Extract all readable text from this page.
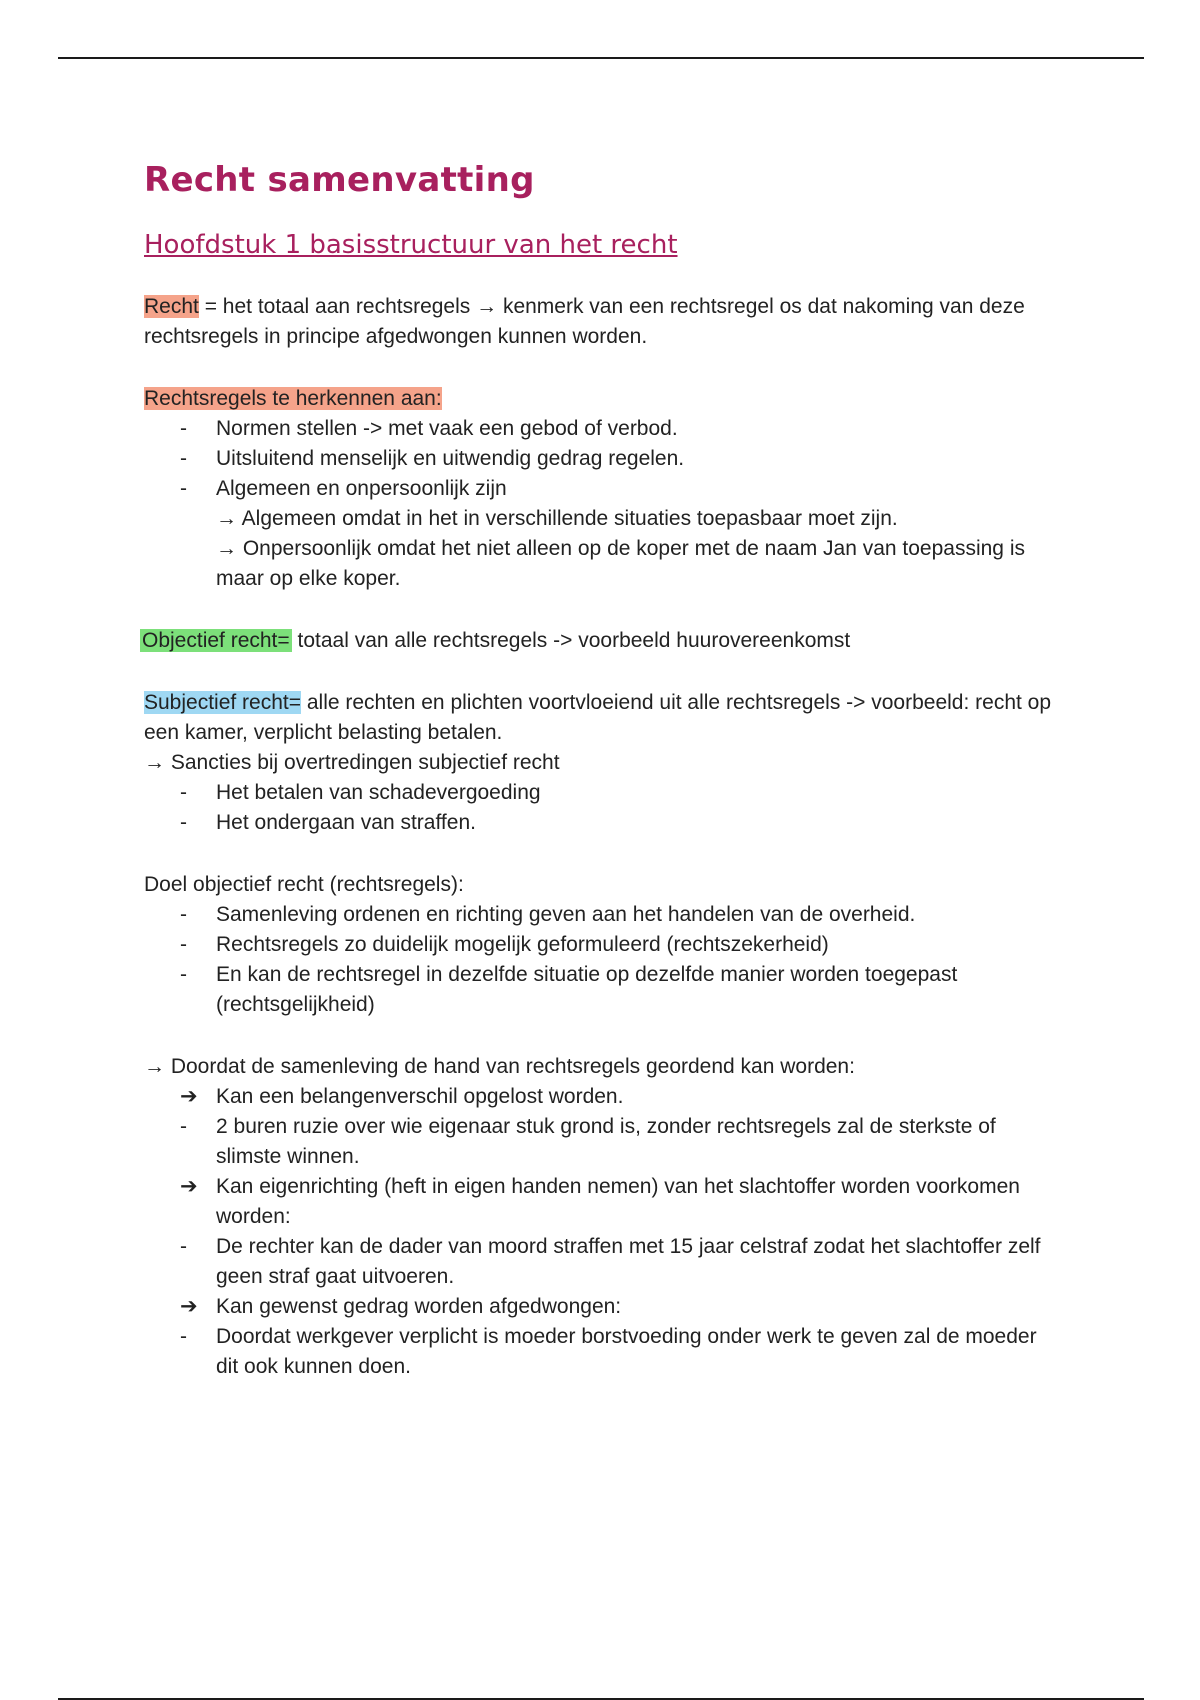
Recht samenvatting
Hoofdstuk 1 basisstructuur van het recht

Recht = het totaal aan rechtsregels → kenmerk van een rechtsregel os dat nakoming van deze rechtsregels in principe afgedwongen kunnen worden.

Rechtsregels te herkennen aan:

-	Normen stellen -> met vaak een gebod of verbod.
-	Uitsluitend menselijk en uitwendig gedrag regelen.
-	Algemeen en onpersoonlijk zijn
→ Algemeen omdat in het in verschillende situaties toepasbaar moet zijn.
→ Onpersoonlijk omdat het niet alleen op de koper met de naam Jan van toepassing is maar op elke koper.

Objectief recht= totaal van alle rechtsregels -> voorbeeld huurovereenkomst

Subjectief recht= alle rechten en plichten voortvloeiend uit alle rechtsregels -> voorbeeld: recht op een kamer, verplicht belasting betalen.

→ Sancties bij overtredingen subjectief recht

-	Het betalen van schadevergoeding
-	Het ondergaan van straffen.

Doel objectief recht (rechtsregels):

-	Samenleving ordenen en richting geven aan het handelen van de overheid.
-	Rechtsregels zo duidelijk mogelijk geformuleerd (rechtszekerheid)
-	En kan de rechtsregel in dezelfde situatie op dezelfde manier worden toegepast (rechtsgelijkheid)

→ Doordat de samenleving de hand van rechtsregels geordend kan worden:

➔ Kan een belangenverschil opgelost worden.
-	2 buren ruzie over wie eigenaar stuk grond is, zonder rechtsregels zal de sterkste of slimste winnen.
➔ Kan eigenrichting (heft in eigen handen nemen) van het slachtoffer worden voorkomen worden:
-	De rechter kan de dader van moord straffen met 15 jaar celstraf zodat het slachtoffer zelf geen straf gaat uitvoeren.
➔ Kan gewenst gedrag worden afgedwongen:
-	Doordat werkgever verplicht is moeder borstvoeding onder werk te geven zal de moeder dit ook kunnen doen.
